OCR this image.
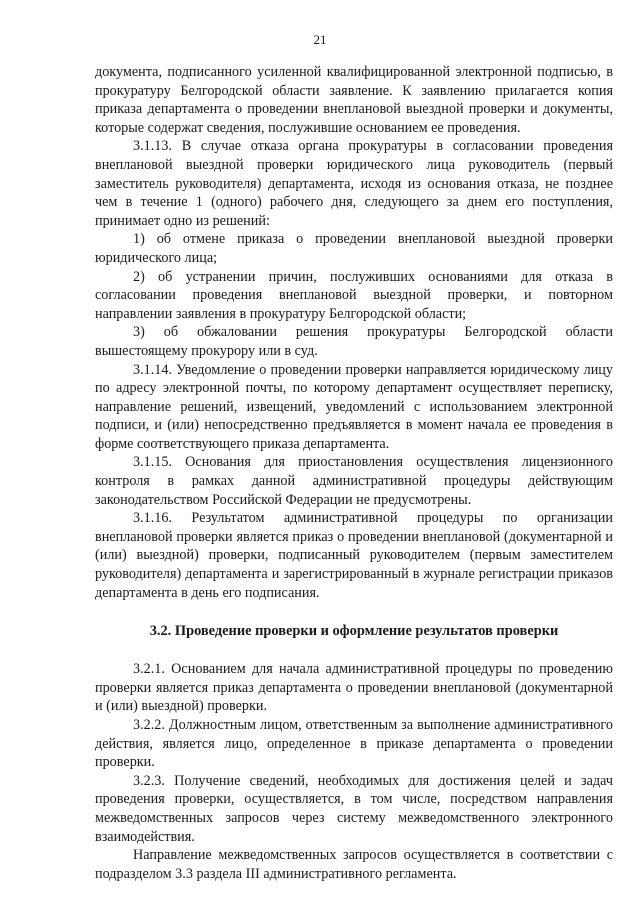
21

документа, подписанного усиленной квалифицированной электронной подписью, в прокуратуру Белгородской области заявление. К заявлению прилагается копия приказа департамента о проведении внеплановой выездной проверки и документы, которые содержат сведения, послужившие основанием ее проведения.

3.1.13. В случае отказа органа прокуратуры в согласовании проведения внеплановой выездной проверки юридического лица руководитель (первый заместитель руководителя) департамента, исходя из основания отказа, не позднее чем в течение 1 (одного) рабочего дня, следующего за днем его поступления, принимает одно из решений:

1) об отмене приказа о проведении внеплановой выездной проверки юридического лица;

2) об устранении причин, послуживших основаниями для отказа в согласовании проведения внеплановой выездной проверки, и повторном направлении заявления в прокуратуру Белгородской области;

3) об обжаловании решения прокуратуры Белгородской области вышестоящему прокурору или в суд.

3.1.14. Уведомление о проведении проверки направляется юридическому лицу по адресу электронной почты, по которому департамент осуществляет переписку, направление решений, извещений, уведомлений с использованием электронной подписи, и (или) непосредственно предъявляется в момент начала ее проведения в форме соответствующего приказа департамента.

3.1.15. Основания для приостановления осуществления лицензионного контроля в рамках данной административной процедуры действующим законодательством Российской Федерации не предусмотрены.

3.1.16. Результатом административной процедуры по организации внеплановой проверки является приказ о проведении внеплановой (документарной и (или) выездной) проверки, подписанный руководителем (первым заместителем руководителя) департамента и зарегистрированный в журнале регистрации приказов департамента в день его подписания.

3.2. Проведение проверки и оформление результатов проверки

3.2.1. Основанием для начала административной процедуры по проведению проверки является приказ департамента о проведении внеплановой (документарной и (или) выездной) проверки.

3.2.2. Должностным лицом, ответственным за выполнение административного действия, является лицо, определенное в приказе департамента о проведении проверки.

3.2.3. Получение сведений, необходимых для достижения целей и задач проведения проверки, осуществляется, в том числе, посредством направления межведомственных запросов через систему межведомственного электронного взаимодействия.

Направление межведомственных запросов осуществляется в соответствии с подразделом 3.3 раздела III административного регламента.
